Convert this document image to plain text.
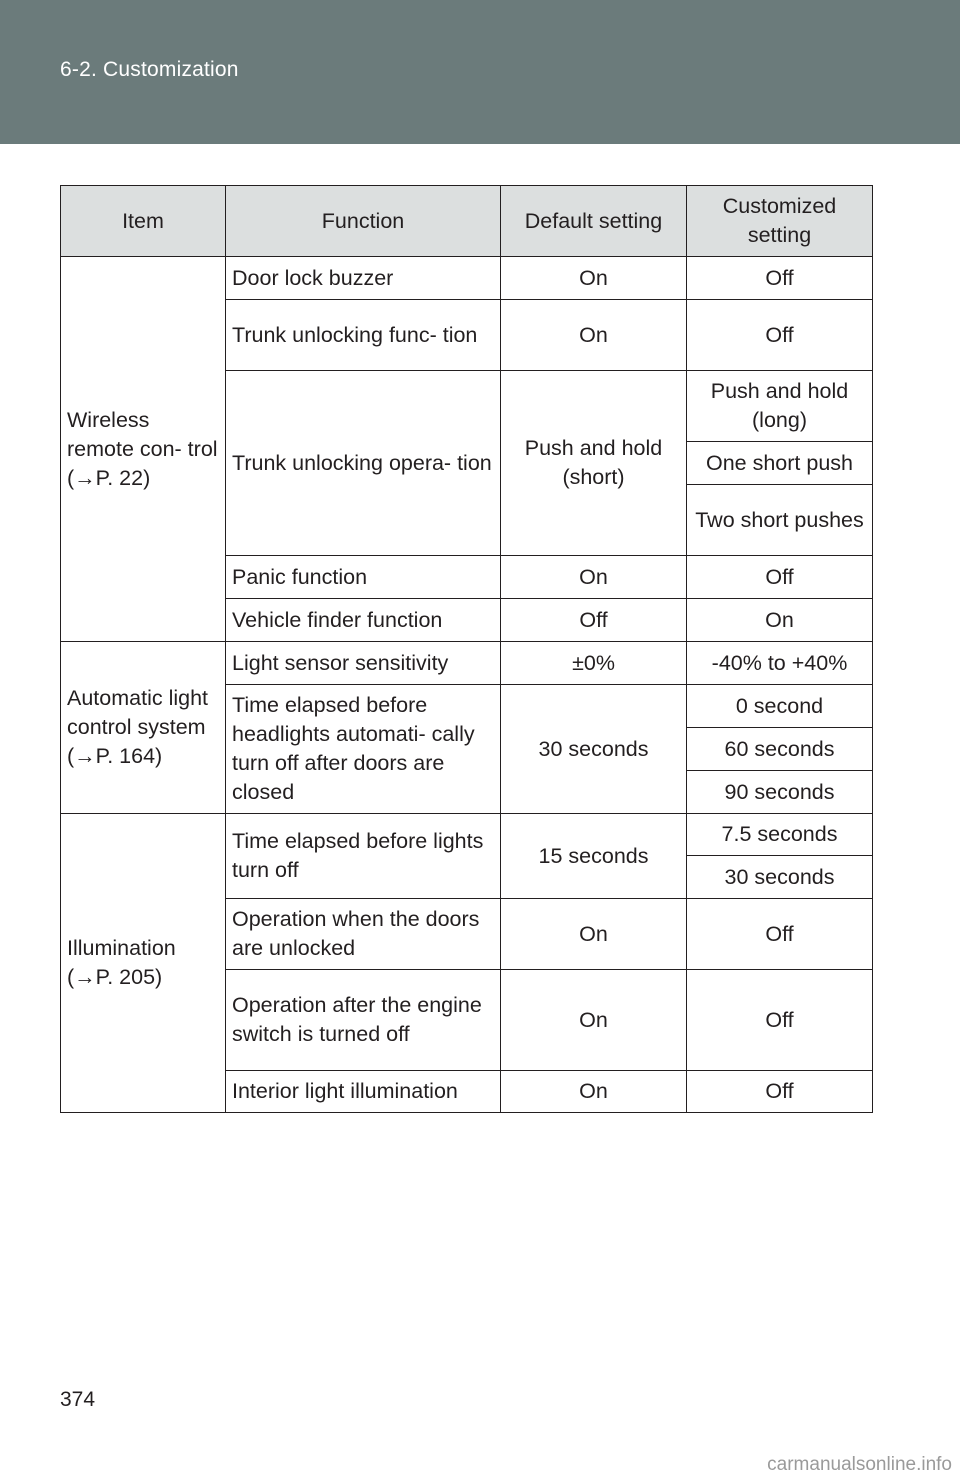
6-2. Customization
Item	Function	Default setting	Customized setting
Wireless remote con- trol (→P. 22)	Door lock buzzer	On	Off
	Trunk unlocking func- tion	On	Off
	Trunk unlocking opera- tion	Push and hold (short)	Push and hold (long)
			One short push
			Two short pushes
	Panic function	On	Off
	Vehicle finder function	Off	On
Automatic light control system (→P. 164)	Light sensor sensitivity	±0%	-40% to +40%
	Time elapsed before headlights automati- cally turn off after doors are closed	30 seconds	0 second
			60 seconds
			90 seconds
Illumination (→P. 205)	Time elapsed before lights turn off	15 seconds	7.5 seconds
			30 seconds
	Operation when the doors are unlocked	On	Off
	Operation after the engine switch is turned off	On	Off
	Interior light illumination	On	Off
374
carmanualsonline.info
